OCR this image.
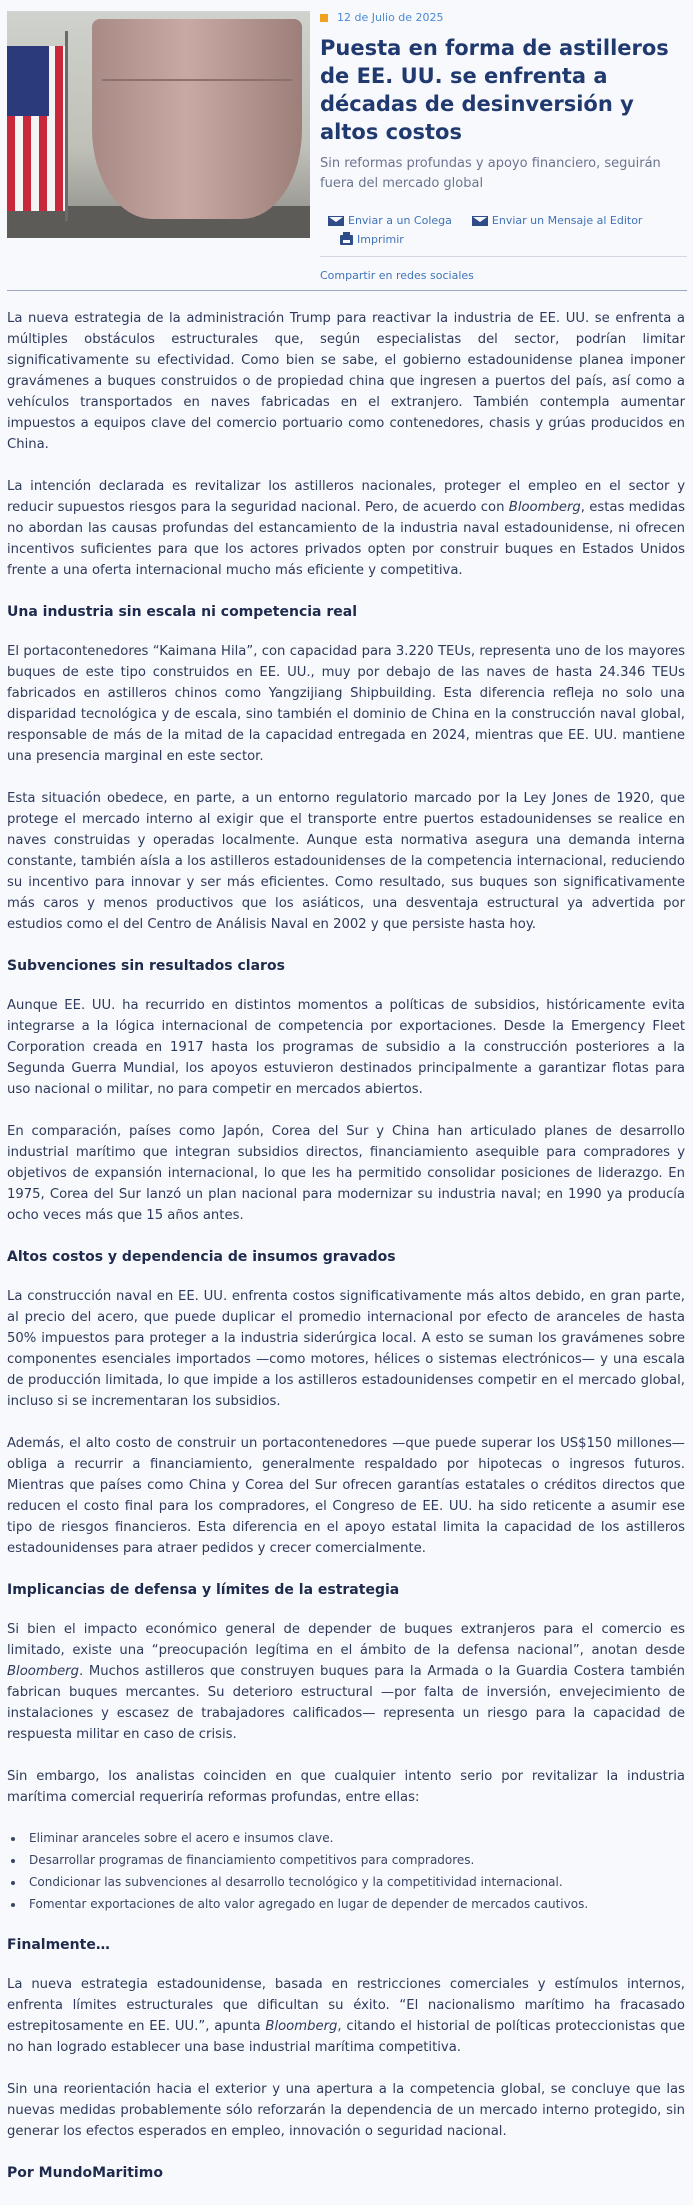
12 de Julio de 2025
Puesta en forma de astilleros de EE. UU. se enfrenta a décadas de desinversión y altos costos

Sin reformas profundas y apoyo financiero, seguirán fuera del mercado global

Enviar a un Colega	Enviar un Mensaje al Editor
Imprimir
Compartir en redes sociales

La nueva estrategia de la administración Trump para reactivar la industria de EE. UU. se enfrenta a múltiples obstáculos estructurales que, según especialistas del sector, podrían limitar significativamente su efectividad. Como bien se sabe, el gobierno estadounidense planea imponer gravámenes a buques construidos o de propiedad china que ingresen a puertos del país, así como a vehículos transportados en naves fabricadas en el extranjero. También contempla aumentar impuestos a equipos clave del comercio portuario como contenedores, chasis y grúas producidos en China.

La intención declarada es revitalizar los astilleros nacionales, proteger el empleo en el sector y reducir supuestos riesgos para la seguridad nacional. Pero, de acuerdo con Bloomberg, estas medidas no abordan las causas profundas del estancamiento de la industria naval estadounidense, ni ofrecen incentivos suficientes para que los actores privados opten por construir buques en Estados Unidos frente a una oferta internacional mucho más eficiente y competitiva.

Una industria sin escala ni competencia real

El portacontenedores “Kaimana Hila”, con capacidad para 3.220 TEUs, representa uno de los mayores buques de este tipo construidos en EE. UU., muy por debajo de las naves de hasta 24.346 TEUs fabricados en astilleros chinos como Yangzijiang Shipbuilding. Esta diferencia refleja no solo una disparidad tecnológica y de escala, sino también el dominio de China en la construcción naval global, responsable de más de la mitad de la capacidad entregada en 2024, mientras que EE. UU. mantiene una presencia marginal en este sector.

Esta situación obedece, en parte, a un entorno regulatorio marcado por la Ley Jones de 1920, que protege el mercado interno al exigir que el transporte entre puertos estadounidenses se realice en naves construidas y operadas localmente. Aunque esta normativa asegura una demanda interna constante, también aísla a los astilleros estadounidenses de la competencia internacional, reduciendo su incentivo para innovar y ser más eficientes. Como resultado, sus buques son significativamente más caros y menos productivos que los asiáticos, una desventaja estructural ya advertida por estudios como el del Centro de Análisis Naval en 2002 y que persiste hasta hoy.

Subvenciones sin resultados claros

Aunque EE. UU. ha recurrido en distintos momentos a políticas de subsidios, históricamente evita integrarse a la lógica internacional de competencia por exportaciones. Desde la Emergency Fleet Corporation creada en 1917 hasta los programas de subsidio a la construcción posteriores a la Segunda Guerra Mundial, los apoyos estuvieron destinados principalmente a garantizar flotas para uso nacional o militar, no para competir en mercados abiertos.

En comparación, países como Japón, Corea del Sur y China han articulado planes de desarrollo industrial marítimo que integran subsidios directos, financiamiento asequible para compradores y objetivos de expansión internacional, lo que les ha permitido consolidar posiciones de liderazgo. En 1975, Corea del Sur lanzó un plan nacional para modernizar su industria naval; en 1990 ya producía ocho veces más que 15 años antes.

Altos costos y dependencia de insumos gravados

La construcción naval en EE. UU. enfrenta costos significativamente más altos debido, en gran parte, al precio del acero, que puede duplicar el promedio internacional por efecto de aranceles de hasta 50% impuestos para proteger a la industria siderúrgica local. A esto se suman los gravámenes sobre componentes esenciales importados —como motores, hélices o sistemas electrónicos— y una escala de producción limitada, lo que impide a los astilleros estadounidenses competir en el mercado global, incluso si se incrementaran los subsidios.

Además, el alto costo de construir un portacontenedores —que puede superar los US$150 millones— obliga a recurrir a financiamiento, generalmente respaldado por hipotecas o ingresos futuros. Mientras que países como China y Corea del Sur ofrecen garantías estatales o créditos directos que reducen el costo final para los compradores, el Congreso de EE. UU. ha sido reticente a asumir ese tipo de riesgos financieros. Esta diferencia en el apoyo estatal limita la capacidad de los astilleros estadounidenses para atraer pedidos y crecer comercialmente.

Implicancias de defensa y límites de la estrategia

Si bien el impacto económico general de depender de buques extranjeros para el comercio es limitado, existe una “preocupación legítima en el ámbito de la defensa nacional”, anotan desde Bloomberg. Muchos astilleros que construyen buques para la Armada o la Guardia Costera también fabrican buques mercantes. Su deterioro estructural —por falta de inversión, envejecimiento de instalaciones y escasez de trabajadores calificados— representa un riesgo para la capacidad de respuesta militar en caso de crisis.

Sin embargo, los analistas coinciden en que cualquier intento serio por revitalizar la industria marítima comercial requeriría reformas profundas, entre ellas:

• Eliminar aranceles sobre el acero e insumos clave.
• Desarrollar programas de financiamiento competitivos para compradores.
• Condicionar las subvenciones al desarrollo tecnológico y la competitividad internacional.
• Fomentar exportaciones de alto valor agregado en lugar de depender de mercados cautivos.
Finalmente…

La nueva estrategia estadounidense, basada en restricciones comerciales y estímulos internos, enfrenta límites estructurales que dificultan su éxito. “El nacionalismo marítimo ha fracasado estrepitosamente en EE. UU.”, apunta Bloomberg, citando el historial de políticas proteccionistas que no han logrado establecer una base industrial marítima competitiva.

Sin una reorientación hacia el exterior y una apertura a la competencia global, se concluye que las nuevas medidas probablemente sólo reforzarán la dependencia de un mercado interno protegido, sin generar los efectos esperados en empleo, innovación o seguridad nacional.

Por MundoMaritimo
